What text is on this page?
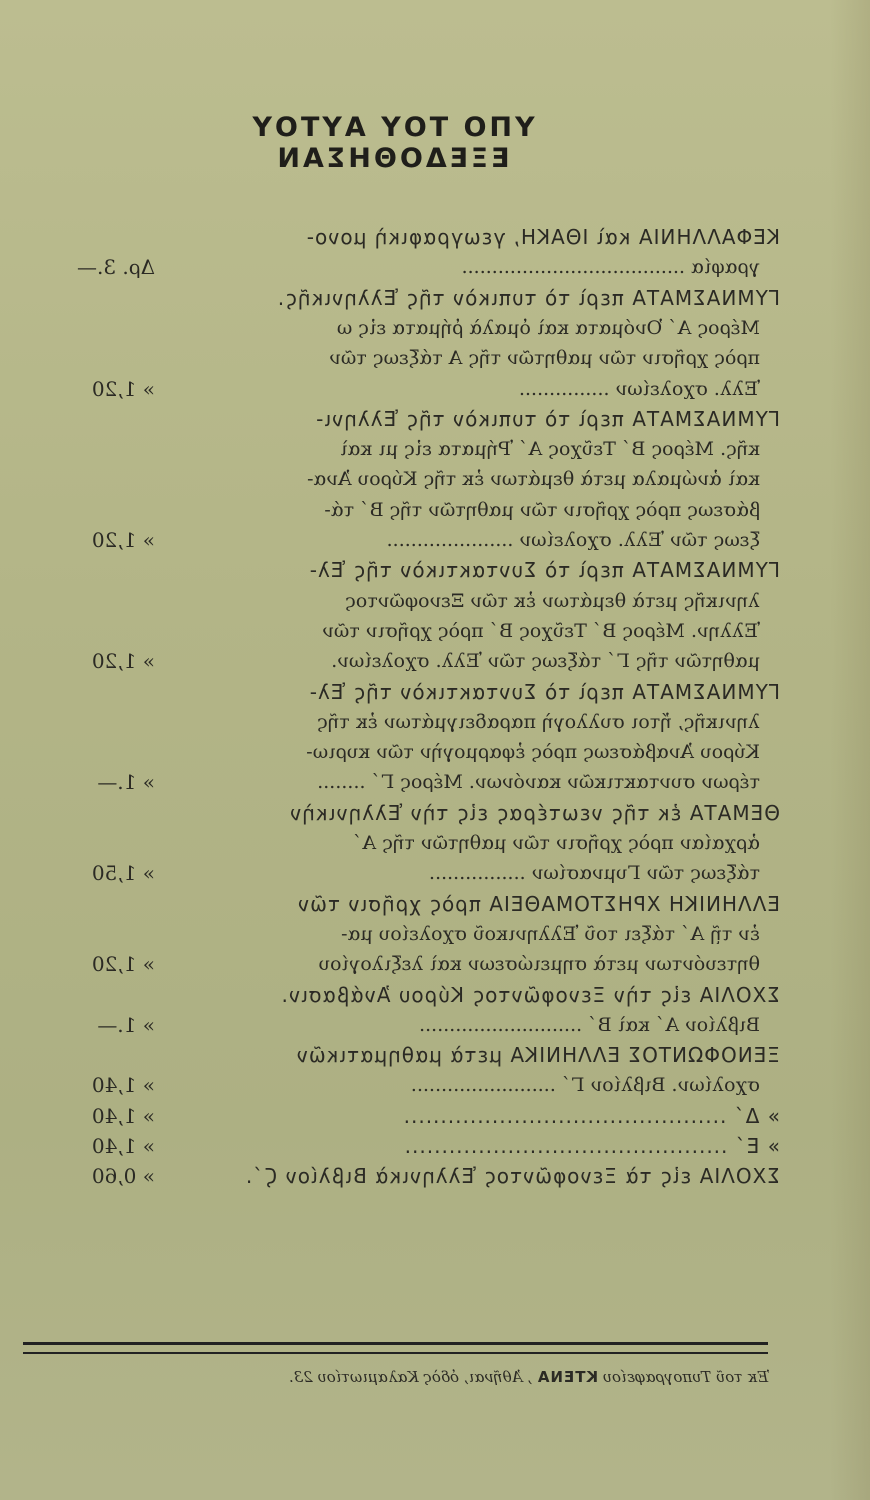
ΥΠΟ ΤΟΥ ΑΥΤΟΥ ΕΞΕΔΟΘΗΣΑΝ
ΚΕΦΑΛΛΗΝΙΑ καὶ ΙΘΑΚΗ, γεωγραφικὴ μονο-
γραφία .....................................
Δρ. 3.—
ΓΥΜΝΑΣΜΑΤΑ περὶ τὸ τυπικὸν τῆς Ἑλληνικῆς.
Μέρος Α΄ Ὀνόματα καὶ ὁμαλὰ ῥήματα εἰς ω
πρὸς χρῆσιν τῶν μαθητῶν τῆς Α τάξεως τῶν
Ἑλλ. σχολείων ...............
» 1,20
ΓΥΜΝΑΣΜΑΤΑ περὶ τὸ τυπικὸν τῆς Ἑλληνι-
κῆς. Μέρος Β΄ Τεῦχος Α΄ Ῥήματα εἰς μι καὶ
καὶ ἀνώμαλα μετὰ θεμάτων ἐκ τῆς Κύρου Ἀνα-
βάσεως πρὸς χρῆσιν τῶν μαθητῶν τῆς Β΄ τά-
ξεως τῶν Ἑλλ. σχολείων .....................
» 1,20
ΓΥΜΝΑΣΜΑΤΑ περὶ τὸ Συντακτικὸν τῆς Ἑλ-
ληνικῆς μετὰ θεμάτων ἐκ τῶν Ξενοφῶντος
Ἑλλην. Μέρος Β΄ Τεῦχος Β΄ πρὸς χρῆσιν τῶν
μαθητῶν τῆς Γ΄ τάξεως τῶν Ἑλλ. σχολείων.
» 1,20
ΓΥΜΝΑΣΜΑΤΑ περὶ τὸ Συντακτικὸν τῆς Ἑλ-
ληνικῆς, ἤτοι συλλογὴ παραδειγμάτων ἐκ τῆς
Κύρου Ἀναβάσεως πρὸς ἐφαρμογὴν τῶν κυριω-
τέρων συντακτικῶν κανόνων. Μέρος Γ΄ ........
» 1.—
ΘΕΜΑΤΑ ἐκ τῆς νεωτέρας εἰς τὴν Ἑλληνικὴν
ἀρχαίαν πρὸς χρῆσιν τῶν μαθητῶν τῆς Α΄
τάξεως τῶν Γυμνασίων ................
» 1,50
ΕΛΛΗΝΙΚΗ ΧΡΗΣΤΟΜΑΘΕΙΑ πρὸς χρῆσιν τῶν
ἐν τῇ Α΄ τάξει τοῦ Ἑλληνικοῦ σχολείου μα-
θητευόντων μετὰ σημειώσεων καὶ λεξιλογίου
» 1,20
ΣΧΟΛΙΑ εἰς τὴν Ξενοφῶντος Κύρου Ἀνάβασιν.
Βιβλίον Α΄ καὶ Β΄ ...........................
» 1.—
ΞΕΝΟΦΩΝΤΟΣ ΕΛΛΗΝΙΚΑ μετὰ μαθηματικῶν
σχολίων. Βιβλίον Γ΄ ........................
» 1,40
» Δ΄ ............................................
» 1,40
» Ε΄ ............................................
» 1,40
ΣΧΟΛΙΑ εἰς τὰ Ξενοφῶντος Ἑλληνικὰ Βιβλίον Ϛ΄.
» 0,60
Ἐκ τοῦ Τυπογραφείου ΚΤΕΝΑ , Ἀθῆναι, ὁδὸς Καλαμιωτίου 23.
